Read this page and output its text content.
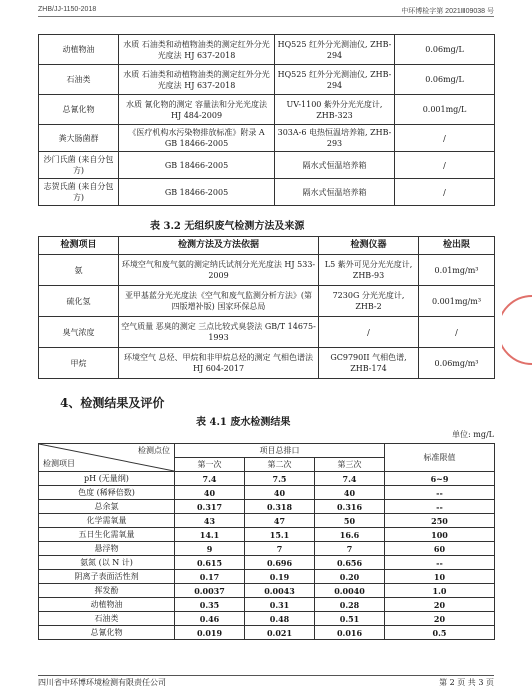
ZHB/JJ-1150-2018	中环博检字第 2021Ⅲ09038 号
动植物油	水质 石油类和动植物油类的测定红外分光光度法 HJ 637-2018	HQ525 红外分光测油仪, ZHB-294	0.06mg/L
石油类	水质 石油类和动植物油类的测定红外分光光度法 HJ 637-2018	HQ525 红外分光测油仪, ZHB-294	0.06mg/L
总氰化物	水质 氰化物的测定 容量法和分光光度法 HJ 484-2009	UV-1100 紫外分光光度计, ZHB-323	0.001mg/L
粪大肠菌群	《医疗机构水污染物排放标准》附录 A GB 18466-2005	303A-6 电热恒温培养箱, ZHB-293	/
沙门氏菌 (来自分包方)	GB 18466-2005	隔水式恒温培养箱	/
志贺氏菌 (来自分包方)	GB 18466-2005	隔水式恒温培养箱	/
表 3.2 无组织废气检测方法及来源
检测项目	检测方法及方法依据	检测仪器	检出限
氨	环境空气和废气氨的测定纳氏试剂分光光度法 HJ 533-2009	L5 紫外可见分光光度计, ZHB-93	0.01mg/m³
硫化氢	亚甲基蓝分光光度法《空气和废气监测分析方法》(第四版增补版) 国家环保总局	7230G 分光光度计, ZHB-2	0.001mg/m³
臭气浓度	空气质量 恶臭的测定 三点比较式臭袋法 GB/T 14675-1993	/	/
甲烷	环境空气 总烃、甲烷和非甲烷总烃的测定 气相色谱法 HJ 604-2017	GC9790II 气相色谱, ZHB-174	0.06mg/m³
4、检测结果及评价
表 4.1 废水检测结果
单位: mg/L
检测点位
检测项目	项目总排口			标准限值
	第一次	第二次	第三次	
pH (无量纲)	7.4	7.5	7.4	6~9
色度 (稀释倍数)	40	40	40	--
总余氯	0.317	0.318	0.316	--
化学需氧量	43	47	50	250
五日生化需氧量	14.1	15.1	16.6	100
悬浮物	9	7	7	60
氨氮 (以 N 计)	0.615	0.696	0.656	--
阴离子表面活性剂	0.17	0.19	0.20	10
挥发酚	0.0037	0.0043	0.0040	1.0
动植物油	0.35	0.31	0.28	20
石油类	0.46	0.48	0.51	20
总氰化物	0.019	0.021	0.016	0.5
四川省中环博环境检测有限责任公司	第 2 页 共 3 页
